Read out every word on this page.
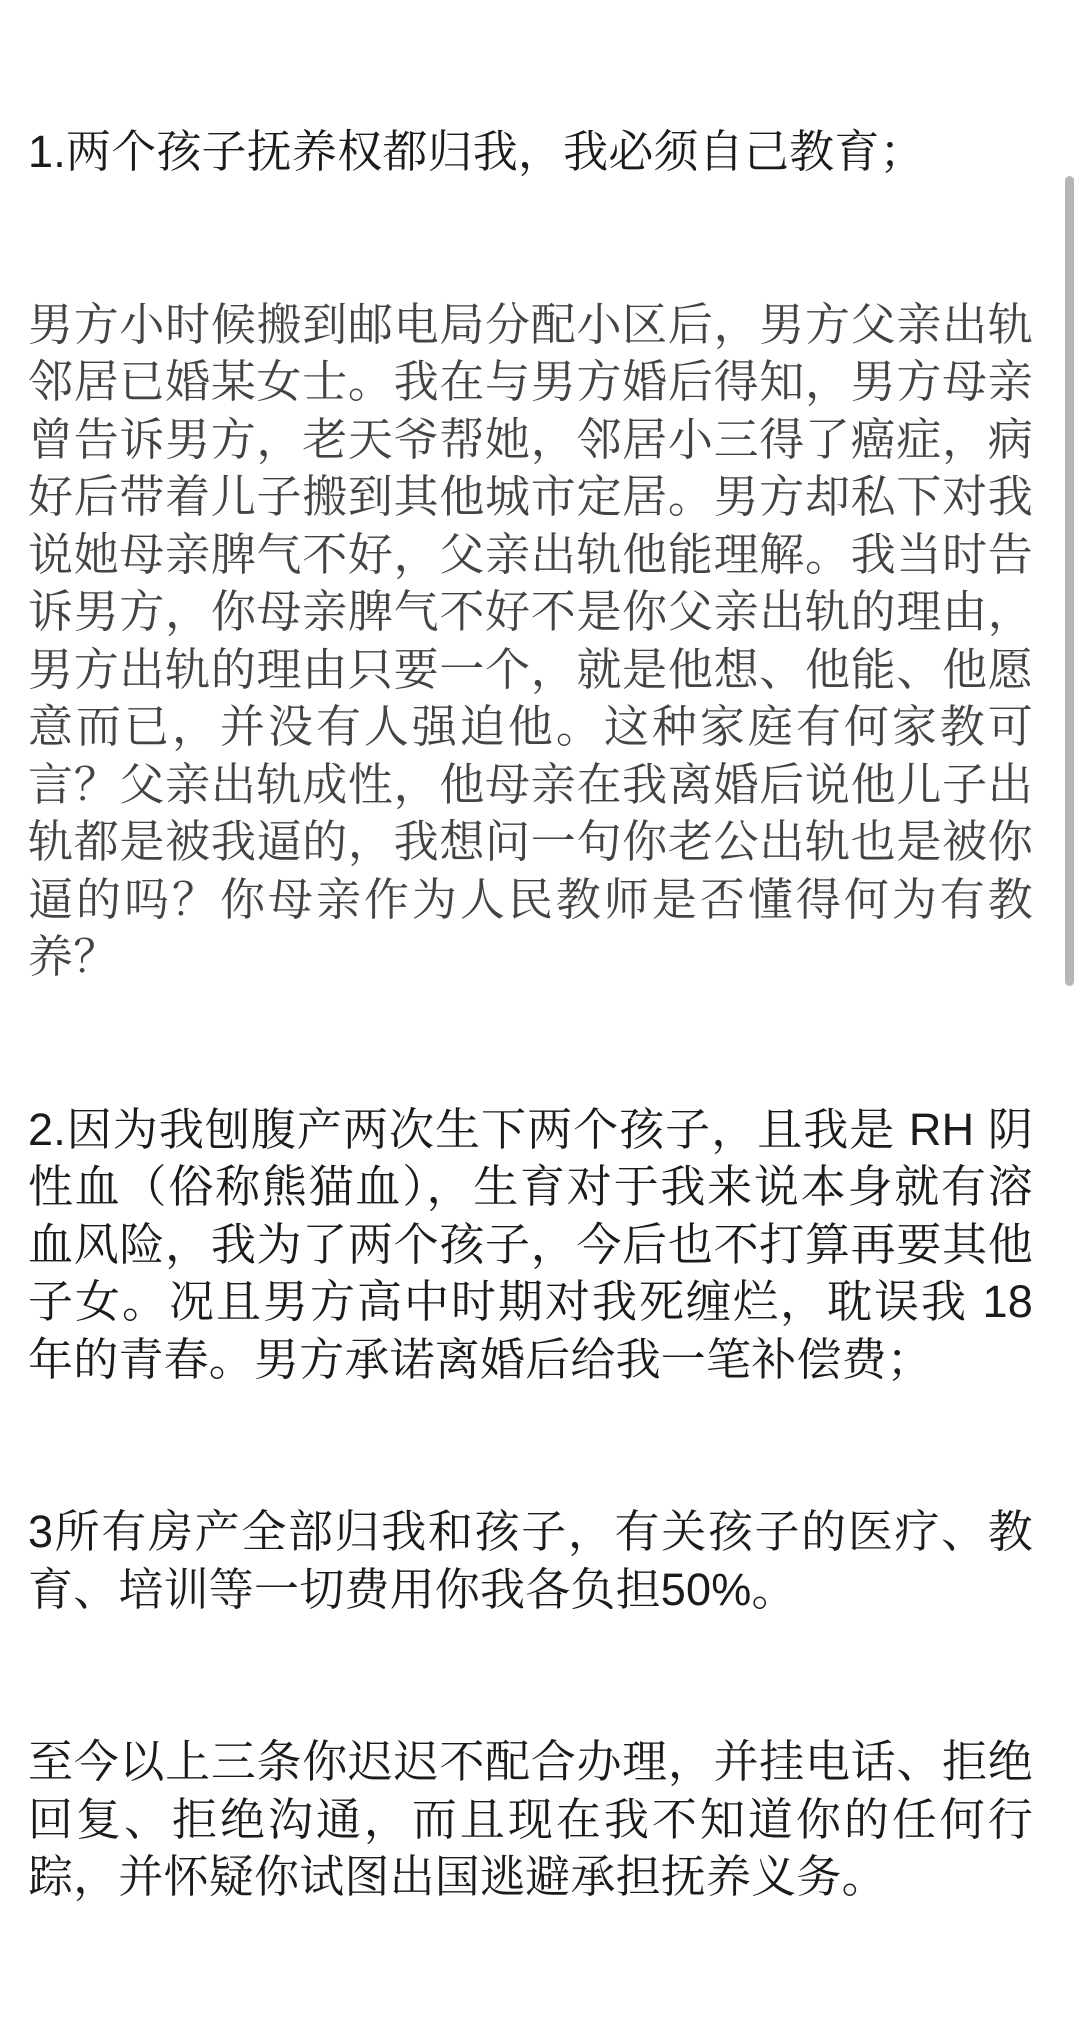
1.两个孩子抚养权都归我，我必须自己教育；

男方小时候搬到邮电局分配小区后，男方父亲出轨邻居已婚某女士。我在与男方婚后得知，男方母亲曾告诉男方，老天爷帮她，邻居小三得了癌症，病好后带着儿子搬到其他城市定居。男方却私下对我说她母亲脾气不好，父亲出轨他能理解。我当时告诉男方，你母亲脾气不好不是你父亲出轨的理由，男方出轨的理由只要一个，就是他想、他能、他愿意而已，并没有人强迫他。这种家庭有何家教可言？父亲出轨成性，他母亲在我离婚后说他儿子出轨都是被我逼的，我想问一句你老公出轨也是被你逼的吗？你母亲作为人民教师是否懂得何为有教养？

2.因为我刨腹产两次生下两个孩子，且我是 RH 阴性血（俗称熊猫血），生育对于我来说本身就有溶血风险，我为了两个孩子，今后也不打算再要其他子女。况且男方高中时期对我死缠烂，耽误我 18 年的青春。男方承诺离婚后给我一笔补偿费；

3所有房产全部归我和孩子，有关孩子的医疗、教育、培训等一切费用你我各负担50%。

至今以上三条你迟迟不配合办理，并挂电话、拒绝回复、拒绝沟通，而且现在我不知道你的任何行踪，并怀疑你试图出国逃避承担抚养义务。
